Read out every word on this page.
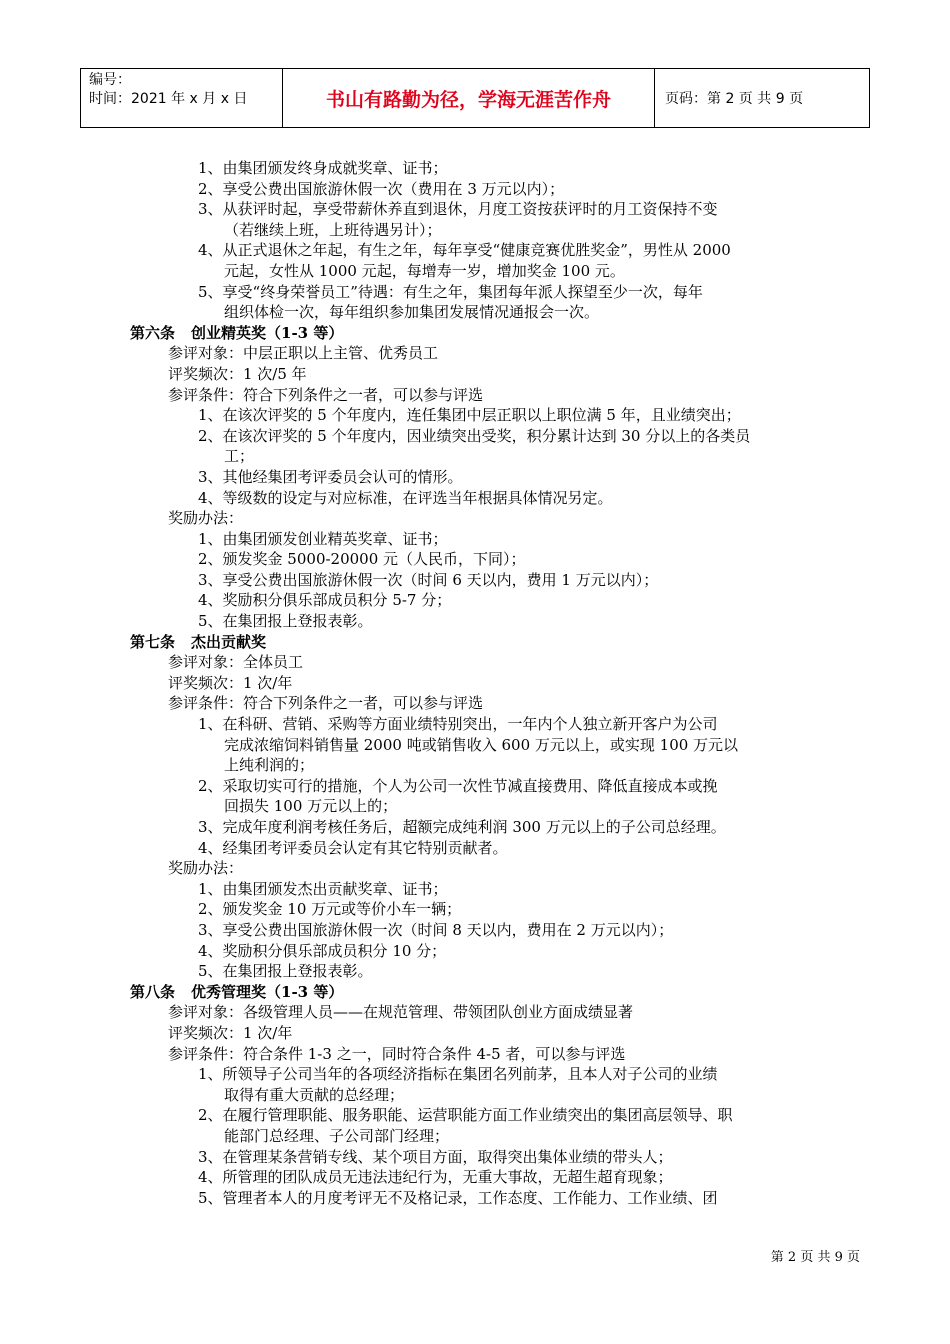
编号：
时间：2021 年 x 月 x 日	书山有路勤为径，学海无涯苦作舟	页码：第 2 页 共 9 页
1、由集团颁发终身成就奖章、证书；
2、享受公费出国旅游休假一次（费用在 3 万元以内）；
3、从获评时起，享受带薪休养直到退休，月度工资按获评时的月工资保持不变
（若继续上班，上班待遇另计）；
4、从正式退休之年起，有生之年，每年享受“健康竞赛优胜奖金”，男性从 2000
元起，女性从 1000 元起，每增寿一岁，增加奖金 100 元。
5、享受“终身荣誉员工”待遇：有生之年，集团每年派人探望至少一次，每年
组织体检一次，每年组织参加集团发展情况通报会一次。
第六条 创业精英奖（1-3 等）
参评对象：中层正职以上主管、优秀员工
评奖频次：1 次/5 年
参评条件：符合下列条件之一者，可以参与评选
1、在该次评奖的 5 个年度内，连任集团中层正职以上职位满 5 年，且业绩突出；
2、在该次评奖的 5 个年度内，因业绩突出受奖，积分累计达到 30 分以上的各类员
工；
3、其他经集团考评委员会认可的情形。
4、等级数的设定与对应标准，在评选当年根据具体情况另定。
奖励办法：
1、由集团颁发创业精英奖章、证书；
2、颁发奖金 5000-20000 元（人民币，下同）；
3、享受公费出国旅游休假一次（时间 6 天以内，费用 1 万元以内）；
4、奖励积分俱乐部成员积分 5-7 分；
5、在集团报上登报表彰。
第七条 杰出贡献奖
参评对象：全体员工
评奖频次：1 次/年
参评条件：符合下列条件之一者，可以参与评选
1、在科研、营销、采购等方面业绩特别突出，一年内个人独立新开客户为公司
完成浓缩饲料销售量 2000 吨或销售收入 600 万元以上，或实现 100 万元以
上纯利润的；
2、采取切实可行的措施，个人为公司一次性节减直接费用、降低直接成本或挽
回损失 100 万元以上的；
3、完成年度利润考核任务后，超额完成纯利润 300 万元以上的子公司总经理。
4、经集团考评委员会认定有其它特别贡献者。
奖励办法：
1、由集团颁发杰出贡献奖章、证书；
2、颁发奖金 10 万元或等价小车一辆；
3、享受公费出国旅游休假一次（时间 8 天以内，费用在 2 万元以内）；
4、奖励积分俱乐部成员积分 10 分；
5、在集团报上登报表彰。
第八条 优秀管理奖（1-3 等）
参评对象：各级管理人员——在规范管理、带领团队创业方面成绩显著
评奖频次：1 次/年
参评条件：符合条件 1-3 之一，同时符合条件 4-5 者，可以参与评选
1、所领导子公司当年的各项经济指标在集团名列前茅，且本人对子公司的业绩
取得有重大贡献的总经理；
2、在履行管理职能、服务职能、运营职能方面工作业绩突出的集团高层领导、职
能部门总经理、子公司部门经理；
3、在管理某条营销专线、某个项目方面，取得突出集体业绩的带头人；
4、所管理的团队成员无违法违纪行为，无重大事故，无超生超育现象；
5、管理者本人的月度考评无不及格记录，工作态度、工作能力、工作业绩、团
第 2 页 共 9 页
